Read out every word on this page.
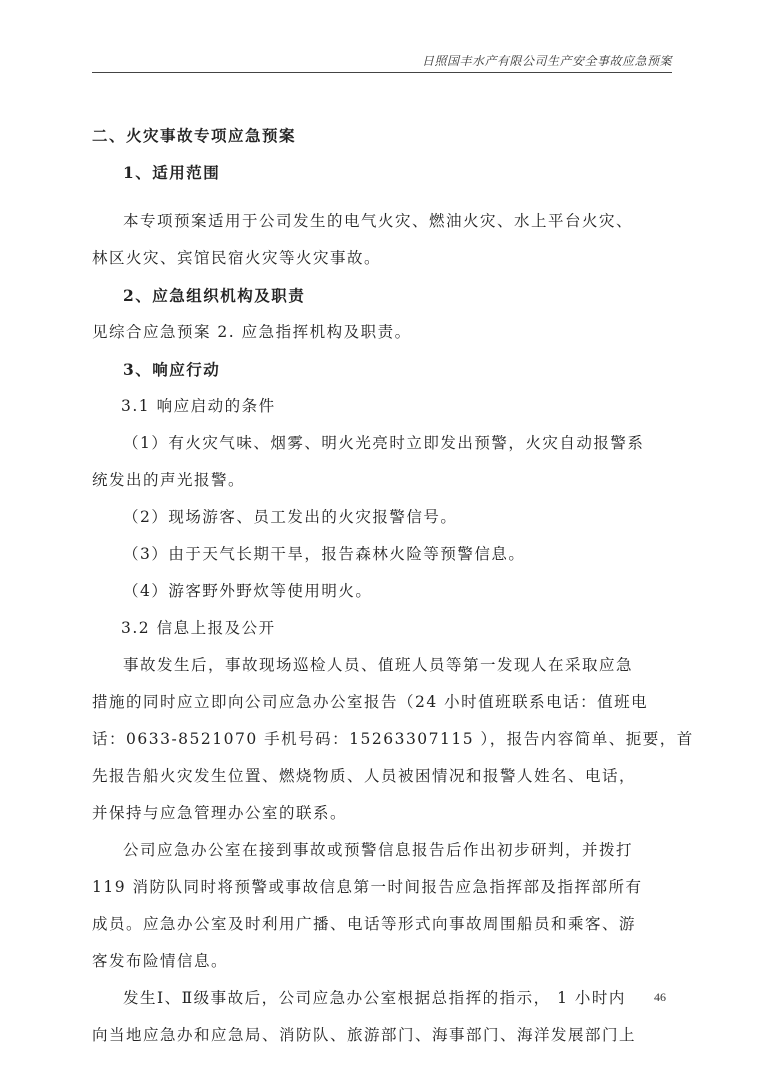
日照国丰水产有限公司生产安全事故应急预案
二、火灾事故专项应急预案
1、适用范围
本专项预案适用于公司发生的电气火灾、燃油火灾、水上平台火灾、
林区火灾、宾馆民宿火灾等火灾事故。
2、应急组织机构及职责
见综合应急预案 2. 应急指挥机构及职责。
3、响应行动
3.1 响应启动的条件
（1）有火灾气味、烟雾、明火光亮时立即发出预警，火灾自动报警系
统发出的声光报警。
（2）现场游客、员工发出的火灾报警信号。
（3）由于天气长期干旱，报告森林火险等预警信息。
（4）游客野外野炊等使用明火。
3.2 信息上报及公开
事故发生后，事故现场巡检人员、值班人员等第一发现人在采取应急
措施的同时应立即向公司应急办公室报告（24 小时值班联系电话：值班电
话：0633-8521070 手机号码：15263307115 ），报告内容简单、扼要，首
先报告船火灾发生位置、燃烧物质、人员被困情况和报警人姓名、电话，
并保持与应急管理办公室的联系。
公司应急办公室在接到事故或预警信息报告后作出初步研判，并拨打
119 消防队同时将预警或事故信息第一时间报告应急指挥部及指挥部所有
成员。应急办公室及时利用广播、电话等形式向事故周围船员和乘客、游
客发布险情信息。
发生Ⅰ、Ⅱ级事故后，公司应急办公室根据总指挥的指示， 1 小时内
向当地应急办和应急局、消防队、旅游部门、海事部门、海洋发展部门上
46
